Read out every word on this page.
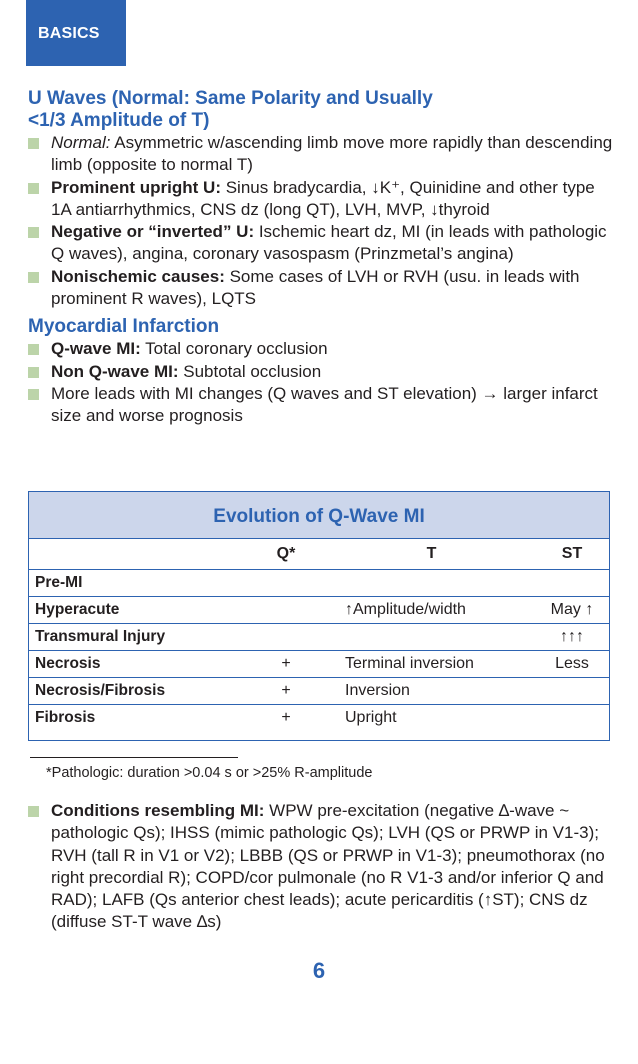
BASICS
U Waves (Normal: Same Polarity and Usually
<1/3 Amplitude of T)
Normal: Asymmetric w/ascending limb move more rapidly than descending limb (opposite to normal T)
Prominent upright U: Sinus bradycardia, ↓K⁺, Quinidine and other type 1A antiarrhythmics, CNS dz (long QT), LVH, MVP, ↓thyroid
Negative or “inverted” U: Ischemic heart dz, MI (in leads with pathologic Q waves), angina, coronary vasospasm (Prinzmetal’s angina)
Nonischemic causes: Some cases of LVH or RVH (usu. in leads with prominent R waves), LQTS
Myocardial Infarction
Q-wave MI: Total coronary occlusion
Non Q-wave MI: Subtotal occlusion
More leads with MI changes (Q waves and ST elevation) → larger infarct size and worse prognosis
Evolution of Q-Wave MI
	Q*	T	ST
Pre-MI			
Hyperacute		↑Amplitude/width	May ↑
Transmural Injury			↑↑↑
Necrosis	+	Terminal inversion	Less
Necrosis/Fibrosis	+	Inversion	
Fibrosis	+	Upright	
*Pathologic: duration >0.04 s or >25% R-amplitude
Conditions resembling MI: WPW pre-excitation (negative ∆-wave ~ pathologic Qs); IHSS (mimic pathologic Qs); LVH (QS or PRWP in V1-3); RVH (tall R in V1 or V2); LBBB (QS or PRWP in V1-3); pneumothorax (no right precordial R); COPD/cor pulmonale (no R V1-3 and/or inferior Q and RAD); LAFB (Qs anterior chest leads); acute pericarditis (↑ST); CNS dz (diffuse ST-T wave ∆s)
6
